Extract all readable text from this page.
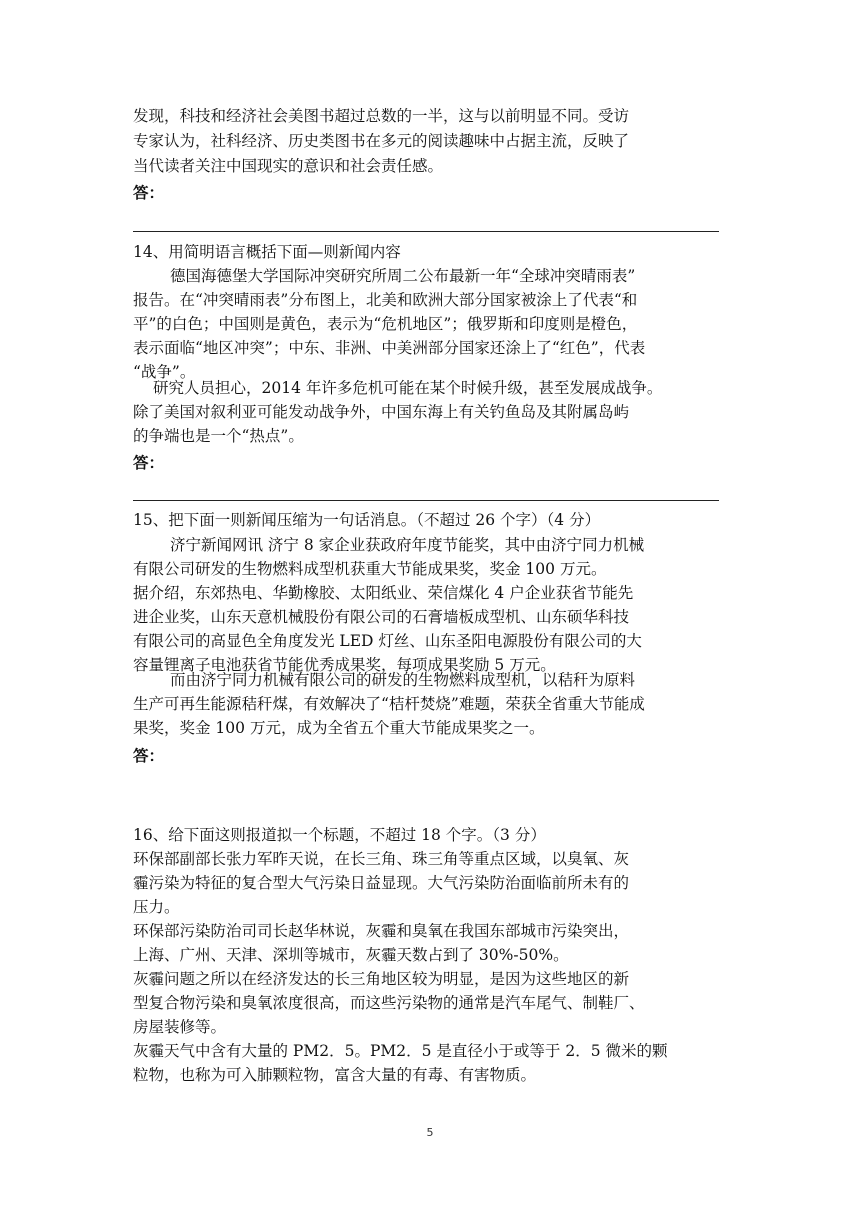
发现，科技和经济社会美图书超过总数的一半，这与以前明显不同。受访
专家认为，社科经济、历史类图书在多元的阅读趣味中占据主流，反映了
当代读者关注中国现实的意识和社会责任感。
答：
14、用简明语言概括下面—则新闻内容
德国海德堡大学国际冲突研究所周二公布最新一年“全球冲突晴雨表”
报告。在“冲突晴雨表”分布图上，北美和欧洲大部分国家被涂上了代表“和
平”的白色；中国则是黄色，表示为“危机地区”；俄罗斯和印度则是橙色，
表示面临“地区冲突”；中东、非洲、中美洲部分国家还涂上了“红色”，代表
“战争”。
研究人员担心，2014 年许多危机可能在某个时候升级，甚至发展成战争。
除了美国对叙利亚可能发动战争外，中国东海上有关钓鱼岛及其附属岛屿
的争端也是一个“热点”。
答：
15、把下面一则新闻压缩为一句话消息。（不超过 26 个字）（4 分）
济宁新闻网讯 济宁 8 家企业获政府年度节能奖，其中由济宁同力机械
有限公司研发的生物燃料成型机获重大节能成果奖，奖金 100 万元。
据介绍，东郊热电、华勤橡胶、太阳纸业、荣信煤化 4 户企业获省节能先
进企业奖，山东天意机械股份有限公司的石膏墙板成型机、山东硕华科技
有限公司的高显色全角度发光 LED 灯丝、山东圣阳电源股份有限公司的大
容量锂离子电池获省节能优秀成果奖，每项成果奖励 5 万元。
而由济宁同力机械有限公司的研发的生物燃料成型机，以秸秆为原料
生产可再生能源秸秆煤，有效解决了“桔杆焚烧”难题，荣获全省重大节能成
果奖，奖金 100 万元，成为全省五个重大节能成果奖之一。
答：
16、给下面这则报道拟一个标题，不超过 18 个字。（3 分）
环保部副部长张力军昨天说，在长三角、珠三角等重点区域，以臭氧、灰
霾污染为特征的复合型大气污染日益显现。大气污染防治面临前所未有的
压力。
环保部污染防治司司长赵华林说，灰霾和臭氧在我国东部城市污染突出，
上海、广州、天津、深圳等城市，灰霾天数占到了 30%-50%。
灰霾问题之所以在经济发达的长三角地区较为明显，是因为这些地区的新
型复合物污染和臭氧浓度很高，而这些污染物的通常是汽车尾气、制鞋厂、
房屋装修等。
灰霾天气中含有大量的 PM2．5。PM2．5 是直径小于或等于 2．5 微米的颗
粒物，也称为可入肺颗粒物，富含大量的有毒、有害物质。
5
